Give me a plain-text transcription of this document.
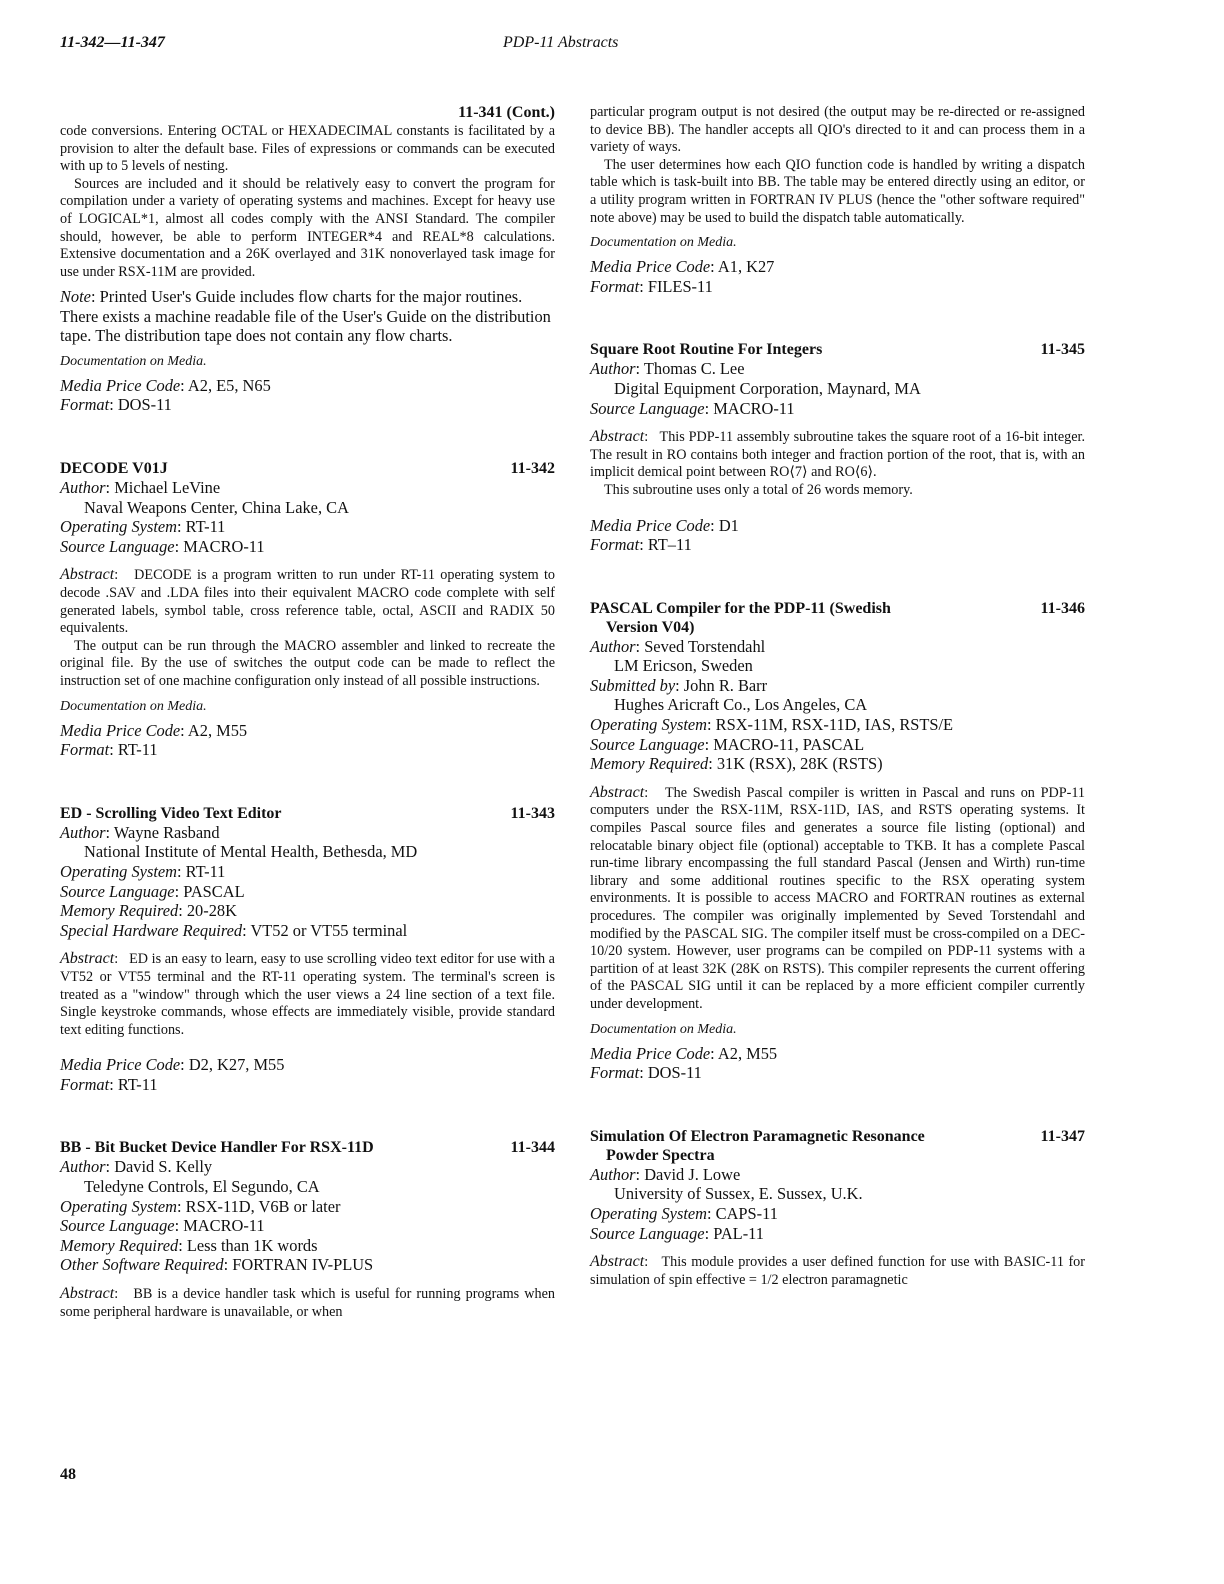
11-342—11-347	PDP-11 Abstracts

11-341 (Cont.)

code conversions. Entering OCTAL or HEXADECIMAL constants is facilitated by a provision to alter the default base. Files of expressions or commands can be executed with up to 5 levels of nesting.

Sources are included and it should be relatively easy to convert the program for compilation under a variety of operating systems and machines. Except for heavy use of LOGICAL*1, almost all codes comply with the ANSI Standard. The compiler should, however, be able to perform INTEGER*4 and REAL*8 calculations. Extensive documentation and a 26K overlayed and 31K nonoverlayed task image for use under RSX-11M are provided.

Note: Printed User's Guide includes flow charts for the major routines. There exists a machine readable file of the User's Guide on the distribution tape. The distribution tape does not contain any flow charts.

Documentation on Media.

Media Price Code: A2, E5, N65

Format: DOS-11

DECODE V01J	11-342

Author: Michael LeVine

Naval Weapons Center, China Lake, CA

Operating System: RT-11

Source Language: MACRO-11

Abstract:   DECODE is a program written to run under RT-11 operating system to decode .SAV and .LDA files into their equivalent MACRO code complete with self generated labels, symbol table, cross reference table, octal, ASCII and RADIX 50 equivalents.

The output can be run through the MACRO assembler and linked to recreate the original file. By the use of switches the output code can be made to reflect the instruction set of one machine configuration only instead of all possible instructions.

Documentation on Media.

Media Price Code: A2, M55

Format: RT-11

ED - Scrolling Video Text Editor	11-343

Author: Wayne Rasband

National Institute of Mental Health, Bethesda, MD

Operating System: RT-11

Source Language: PASCAL

Memory Required: 20-28K

Special Hardware Required: VT52 or VT55 terminal

Abstract:   ED is an easy to learn, easy to use scrolling video text editor for use with a VT52 or VT55 terminal and the RT-11 operating system. The terminal's screen is treated as a "window" through which the user views a 24 line section of a text file. Single keystroke commands, whose effects are immediately visible, provide standard text editing functions.

Media Price Code: D2, K27, M55

Format: RT-11

BB - Bit Bucket Device Handler For RSX-11D	11-344

Author: David S. Kelly

Teledyne Controls, El Segundo, CA

Operating System: RSX-11D, V6B or later

Source Language: MACRO-11

Memory Required: Less than 1K words

Other Software Required: FORTRAN IV-PLUS

Abstract:   BB is a device handler task which is useful for running programs when some peripheral hardware is unavailable, or when

particular program output is not desired (the output may be re-directed or re-assigned to device BB). The handler accepts all QIO's directed to it and can process them in a variety of ways.

The user determines how each QIO function code is handled by writing a dispatch table which is task-built into BB. The table may be entered directly using an editor, or a utility program written in FORTRAN IV PLUS (hence the "other software required" note above) may be used to build the dispatch table automatically.

Documentation on Media.

Media Price Code: A1, K27

Format: FILES-11

Square Root Routine For Integers	11-345

Author: Thomas C. Lee

Digital Equipment Corporation, Maynard, MA

Source Language: MACRO-11

Abstract:   This PDP-11 assembly subroutine takes the square root of a 16-bit integer. The result in RO contains both integer and fraction portion of the root, that is, with an implicit demical point between RO⟨7⟩ and RO⟨6⟩.

This subroutine uses only a total of 26 words memory.

Media Price Code: D1

Format: RT–11

PASCAL Compiler for the PDP-11 (Swedish
Version V04)
11-346

Author: Seved Torstendahl

LM Ericson, Sweden

Submitted by: John R. Barr

Hughes Aricraft Co., Los Angeles, CA

Operating System: RSX-11M, RSX-11D, IAS, RSTS/E

Source Language: MACRO-11, PASCAL

Memory Required: 31K (RSX), 28K (RSTS)

Abstract:   The Swedish Pascal compiler is written in Pascal and runs on PDP-11 computers under the RSX-11M, RSX-11D, IAS, and RSTS operating systems. It compiles Pascal source files and generates a source file listing (optional) and relocatable binary object file (optional) acceptable to TKB. It has a complete Pascal run-time library encompassing the full standard Pascal (Jensen and Wirth) run-time library and some additional routines specific to the RSX operating system environments. It is possible to access MACRO and FORTRAN routines as external procedures. The compiler was originally implemented by Seved Torstendahl and modified by the PASCAL SIG. The compiler itself must be cross-compiled on a DEC-10/20 system. However, user programs can be compiled on PDP-11 systems with a partition of at least 32K (28K on RSTS). This compiler represents the current offering of the PASCAL SIG until it can be replaced by a more efficient compiler currently under development.

Documentation on Media.

Media Price Code: A2, M55

Format: DOS-11

Simulation Of Electron Paramagnetic Resonance
Powder Spectra
11-347

Author: David J. Lowe

University of Sussex, E. Sussex, U.K.

Operating System: CAPS-11

Source Language: PAL-11

Abstract:   This module provides a user defined function for use with BASIC-11 for simulation of spin effective = 1/2 electron paramagnetic

48
